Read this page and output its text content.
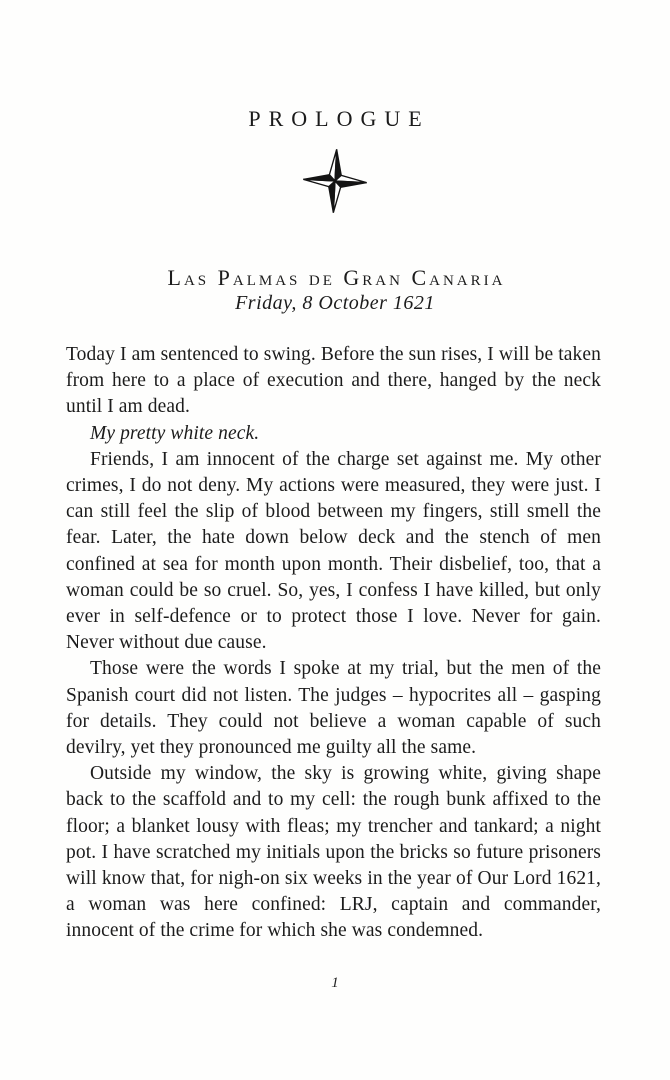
PROLOGUE
Las Palmas de Gran Canaria
Friday, 8 October 1621

Today I am sentenced to swing. Before the sun rises, I will be taken from here to a place of execution and there, hanged by the neck until I am dead.

My pretty white neck.

Friends, I am innocent of the charge set against me. My other crimes, I do not deny. My actions were measured, they were just. I can still feel the slip of blood between my fingers, still smell the fear. Later, the hate down below deck and the stench of men confined at sea for month upon month. Their disbelief, too, that a woman could be so cruel. So, yes, I confess I have killed, but only ever in self-defence or to protect those I love. Never for gain. Never without due cause.

Those were the words I spoke at my trial, but the men of the Spanish court did not listen. The judges – hypocrites all – gasping for details. They could not believe a woman capable of such devilry, yet they pronounced me guilty all the same.

Outside my window, the sky is growing white, giving shape back to the scaffold and to my cell: the rough bunk affixed to the floor; a blanket lousy with fleas; my trencher and tankard; a night pot. I have scratched my initials upon the bricks so future prisoners will know that, for nigh-on six weeks in the year of Our Lord 1621, a woman was here confined: LRJ, captain and commander, innocent of the crime for which she was condemned.

1
